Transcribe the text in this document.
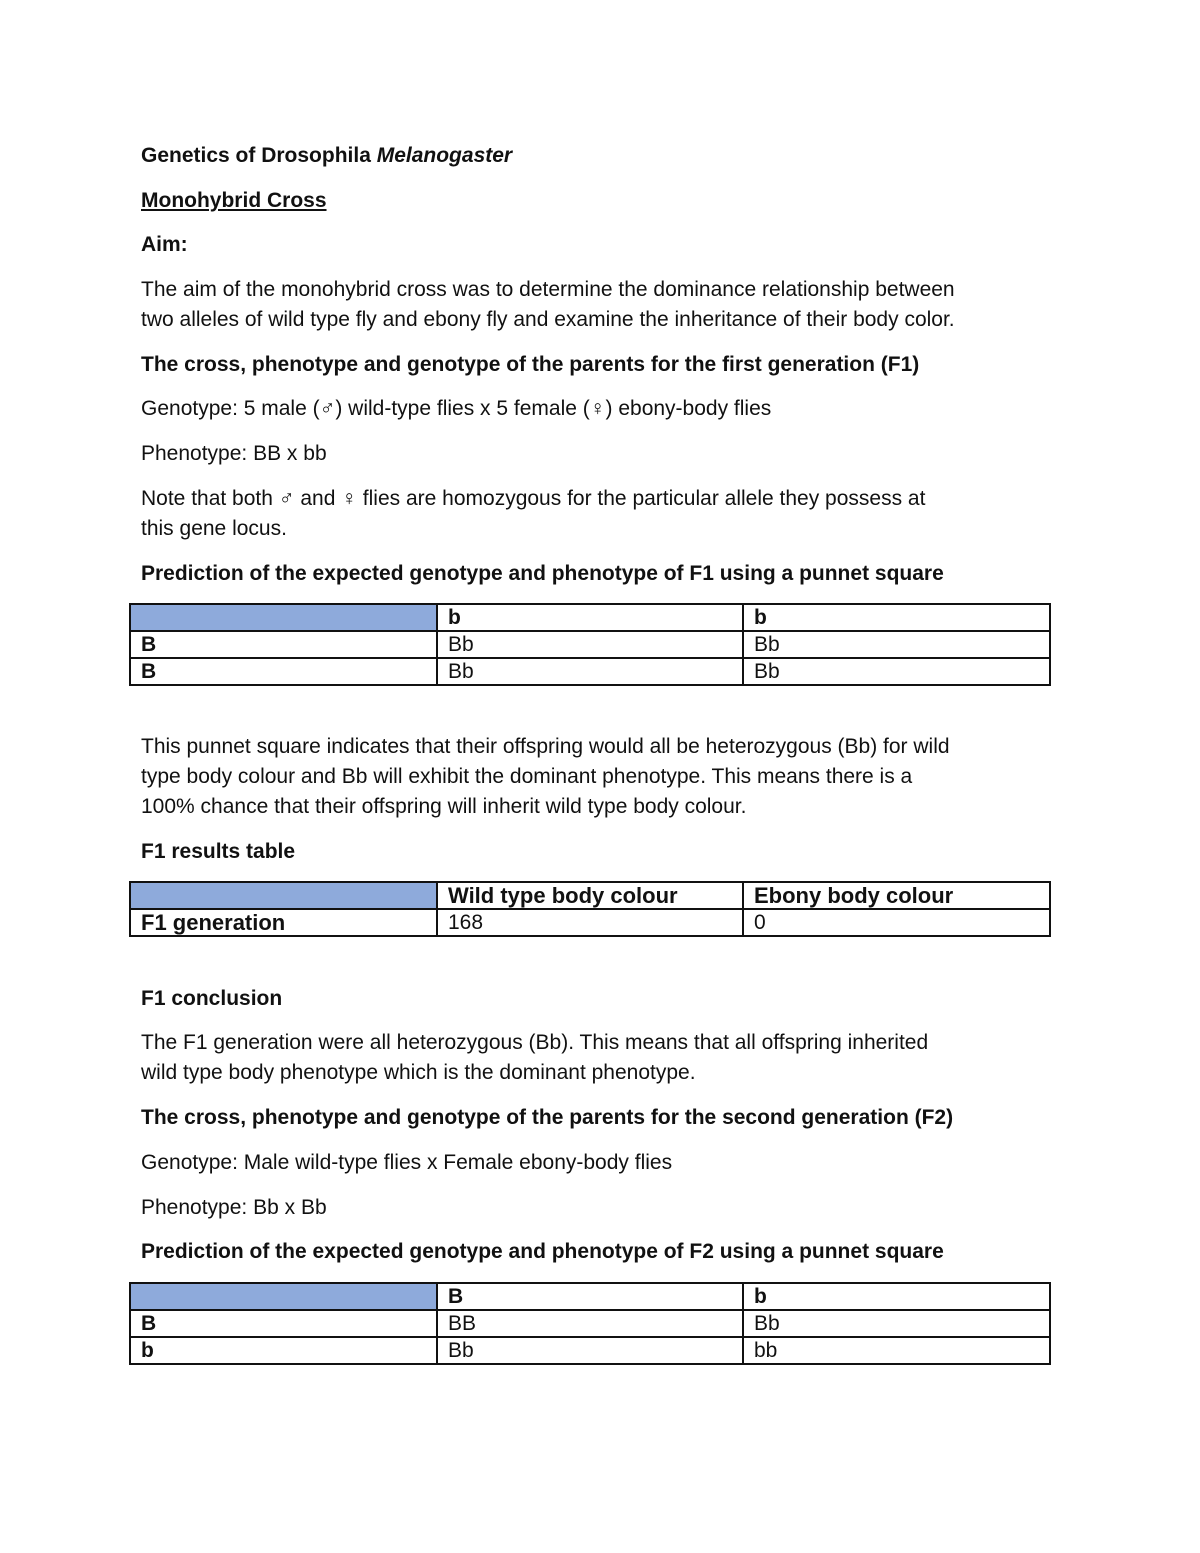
Genetics of Drosophila Melanogaster

Monohybrid Cross

Aim:

The aim of the monohybrid cross was to determine the dominance relationship between

two alleles of wild type fly and ebony fly and examine the inheritance of their body color.

The cross, phenotype and genotype of the parents for the first generation (F1)

Genotype: 5 male (♂) wild-type flies x 5 female (♀) ebony-body flies

Phenotype: BB x bb

Note that both ♂ and ♀ flies are homozygous for the particular allele they possess at

this gene locus.

Prediction of the expected genotype and phenotype of F1 using a punnet square

	b	b
B	Bb	Bb
B	Bb	Bb

This punnet square indicates that their offspring would all be heterozygous (Bb) for wild

type body colour and Bb will exhibit the dominant phenotype. This means there is a

100% chance that their offspring will inherit wild type body colour.

F1 results table

	Wild type body colour	Ebony body colour
F1 generation	168	0

F1 conclusion

The F1 generation were all heterozygous (Bb). This means that all offspring inherited

wild type body phenotype which is the dominant phenotype.

The cross, phenotype and genotype of the parents for the second generation (F2)

Genotype: Male wild-type flies x Female ebony-body flies

Phenotype: Bb x Bb

Prediction of the expected genotype and phenotype of F2 using a punnet square

	B	b
B	BB	Bb
b	Bb	bb
